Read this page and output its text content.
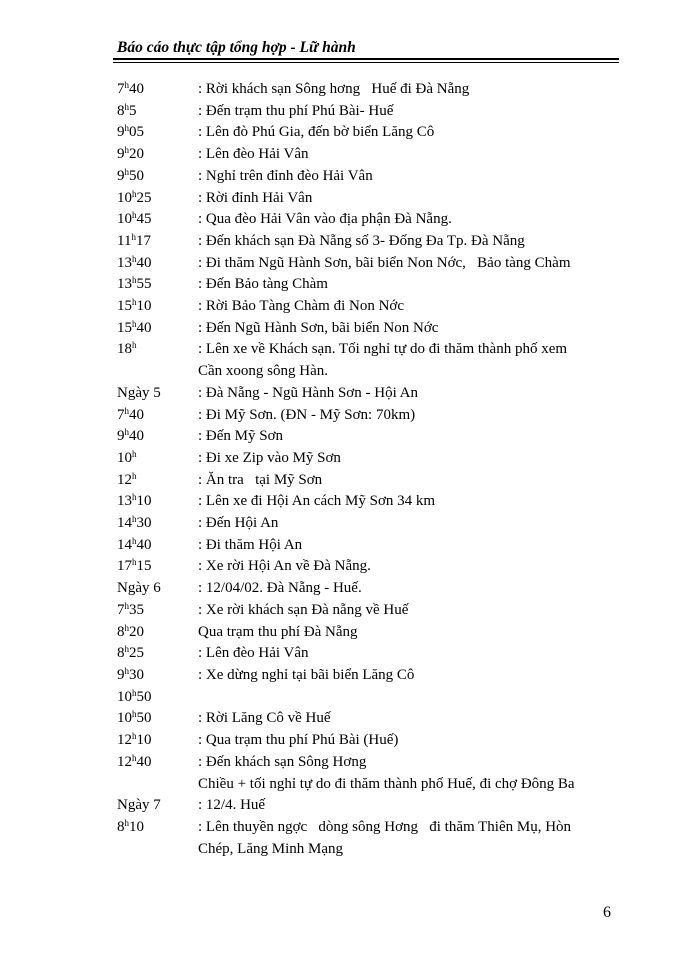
Báo cáo thực tập tổng hợp - Lữ hành
7$^h$40	: Rời khách sạn Sông hơng   Huế đi Đà Nẵng
8$^h$5	: Đến trạm thu phí Phú Bài- Huế
9$^h$05	: Lên đò Phú Gia, đến bờ biển Lăng Cô
9$^h$20	: Lên đèo Hải Vân
9$^h$50	: Nghỉ trên đỉnh đèo Hải Vân
10$^h$25	: Rời đỉnh Hải Vân
10$^h$45	: Qua đèo Hải Vân vào địa phận Đà Nẵng.
11$^h$17	: Đến khách sạn Đà Nẵng số 3- Đống Đa Tp. Đà Nẵng
13$^h$40	: Đi thăm Ngũ Hành Sơn, bãi biển Non Nớc,   Bảo tàng Chàm
13$^h$55	: Đến Bảo tàng Chàm
15$^h$10	: Rời Bảo Tàng Chàm đi Non Nớc
15$^h$40	: Đến Ngũ Hành Sơn, bãi biển Non Nớc
18$^h$	: Lên xe về Khách sạn. Tối nghỉ tự do đi thăm thành phố xem
Cần xoong sông Hàn.
Ngày 5	: Đà Nẵng - Ngũ Hành Sơn - Hội An
7$^h$40	: Đi Mỹ Sơn. (ĐN - Mỹ Sơn: 70km)
9$^h$40	: Đến Mỹ Sơn
10$^h$	: Đi xe Zip vào Mỹ Sơn
12$^h$	: Ăn tra   tại Mỹ Sơn
13$^h$10	: Lên xe đi Hội An cách Mỹ Sơn 34 km
14$^h$30	: Đến Hội An
14$^h$40	: Đi thăm Hội An
17$^h$15	: Xe rời Hội An về Đà Nẵng.
Ngày 6	: 12/04/02. Đà Nẵng - Huế.
7$^h$35	: Xe rời khách sạn Đà nẵng về Huế
8$^h$20	Qua trạm thu phí Đà Nẵng
8$^h$25	: Lên đèo Hải Vân
9$^h$30	: Xe dừng nghỉ tại bãi biển Lăng Cô
10$^h$50
10$^h$50	: Rời Lăng Cô về Huế
12$^h$10	: Qua trạm thu phí Phú Bài (Huế)
12$^h$40	: Đến khách sạn Sông Hơng
Chiều + tối nghỉ tự do đi thăm thành phố Huế, đi chợ Đông Ba
Ngày 7	: 12/4. Huế
8$^h$10	: Lên thuyền ngợc   dòng sông Hơng   đi thăm Thiên Mụ, Hòn
Chép, Lăng Minh Mạng
6
